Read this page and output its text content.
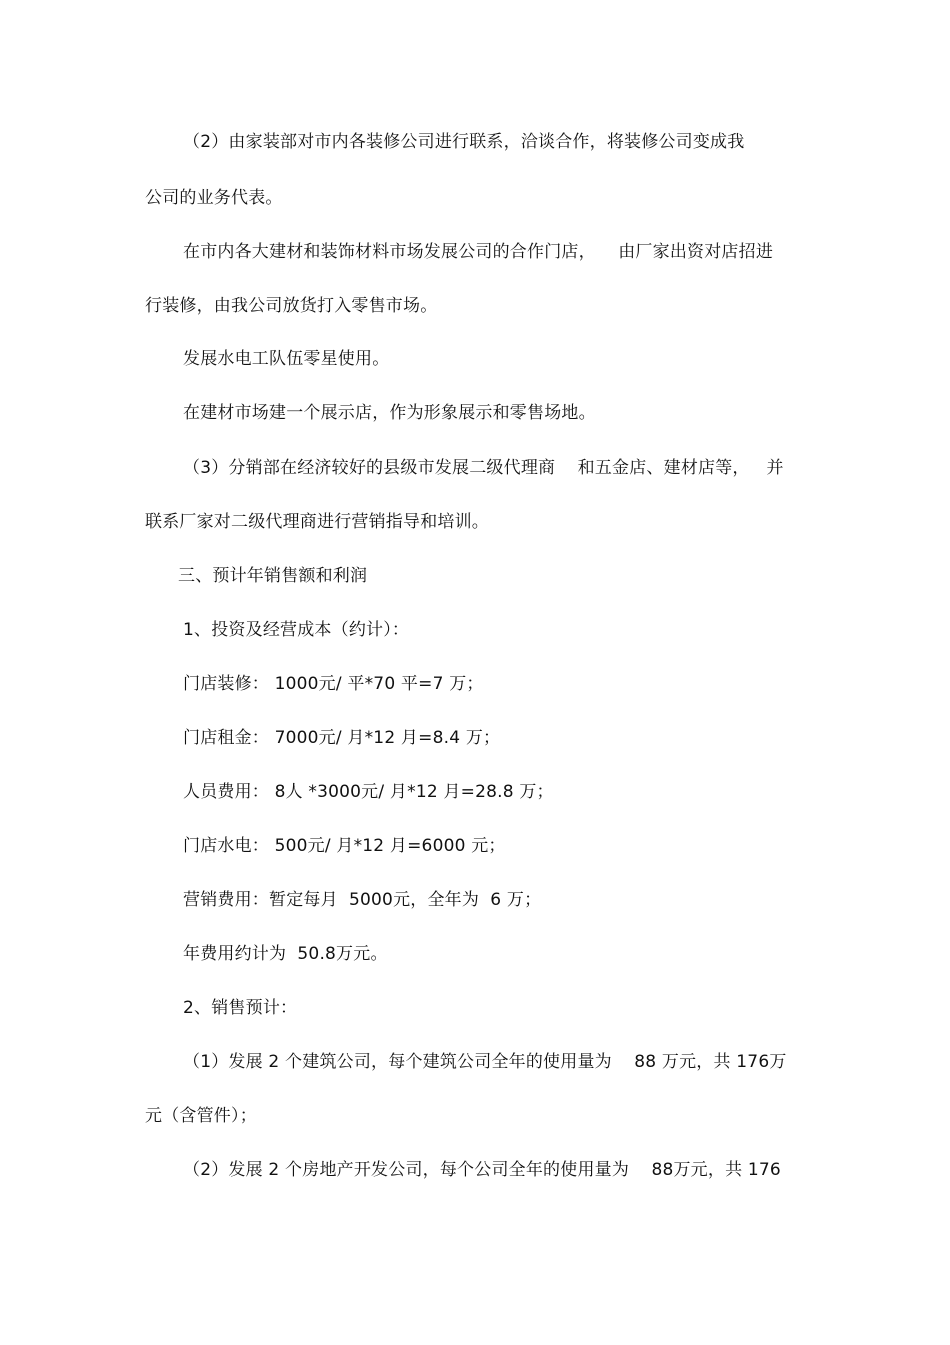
（2）由家装部对市内各装修公司进行联系，洽谈合作，将装修公司变成我
公司的业务代表。
在市内各大建材和装饰材料市场发展公司的合作门店，    由厂家出资对店招进
行装修，由我公司放货打入零售市场。
发展水电工队伍零星使用。
在建材市场建一个展示店，作为形象展示和零售场地。
（3）分销部在经济较好的县级市发展二级代理商    和五金店、建材店等，   并
联系厂家对二级代理商进行营销指导和培训。
三、预计年销售额和利润
1、投资及经营成本（约计）：
门店装修： 1000元/ 平*70 平=7 万；
门店租金： 7000元/ 月*12 月=8.4 万；
人员费用： 8人 *3000元/ 月*12 月=28.8 万；
门店水电： 500元/ 月*12 月=6000 元；
营销费用：暂定每月  5000元，全年为  6 万；
年费用约计为  50.8万元。
2、销售预计：
（1）发展 2 个建筑公司，每个建筑公司全年的使用量为    88 万元，共 176万
元（含管件）；
（2）发展 2 个房地产开发公司，每个公司全年的使用量为    88万元，共 176
